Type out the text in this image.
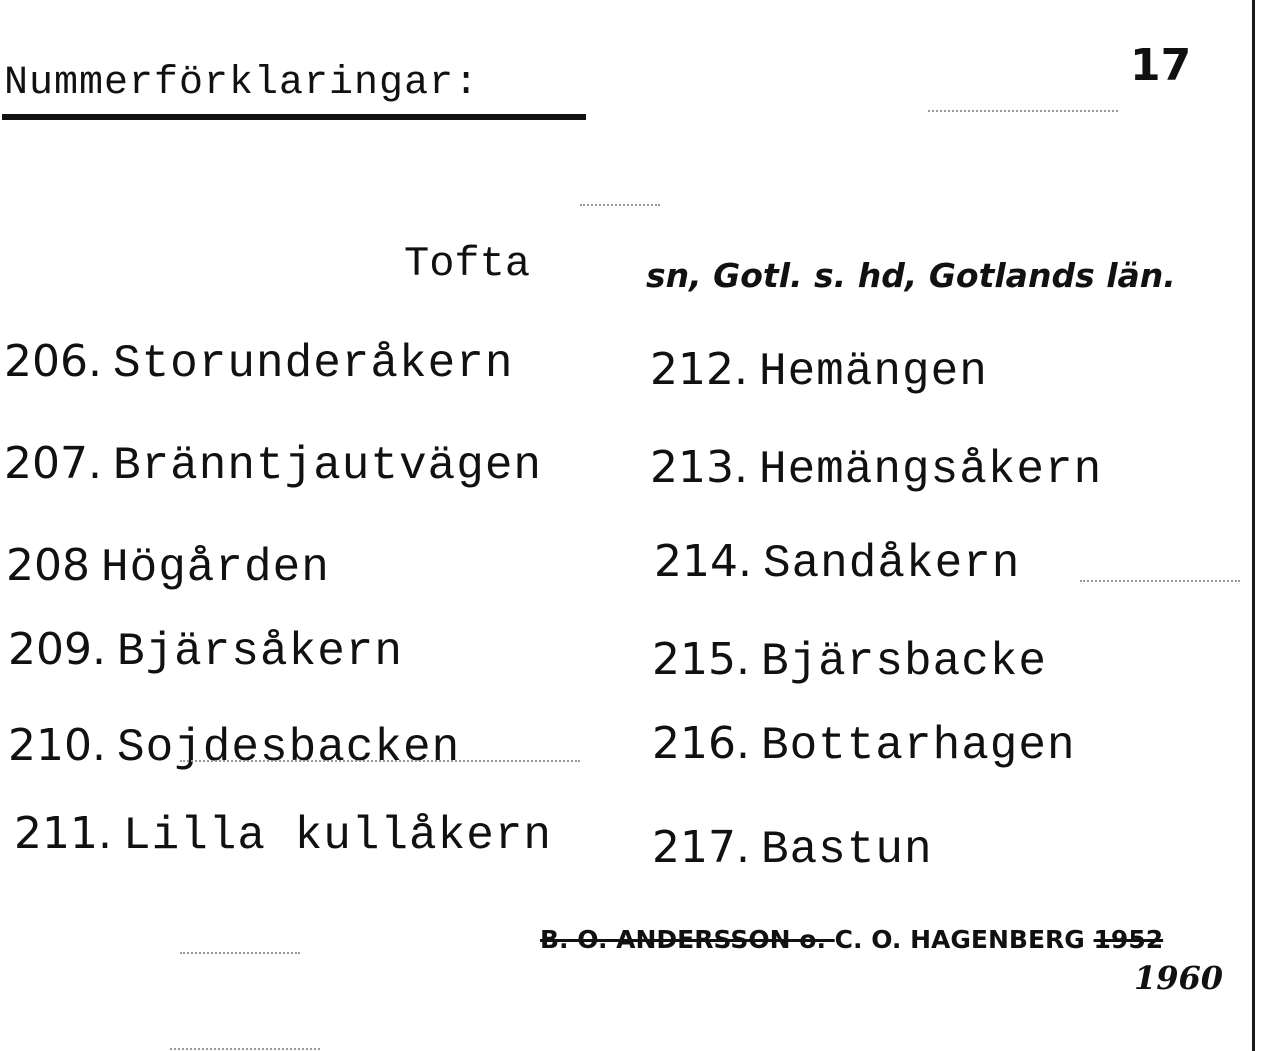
Nummerförklaringar:	17
Tofta	sn, Gotl. s. hd, Gotlands län.
206. Storunderåkern
207. Bränntjautvägen
208 Högården
209. Bjärsåkern
210. Sojdesbacken
211. Lilla kullåkern
212. Hemängen
213. Hemängsåkern
214. Sandåkern
215. Bjärsbacke
216. Bottarhagen
217. Bastun
B. O. ANDERSSON o. C. O. HAGENBERG 1952
1960
